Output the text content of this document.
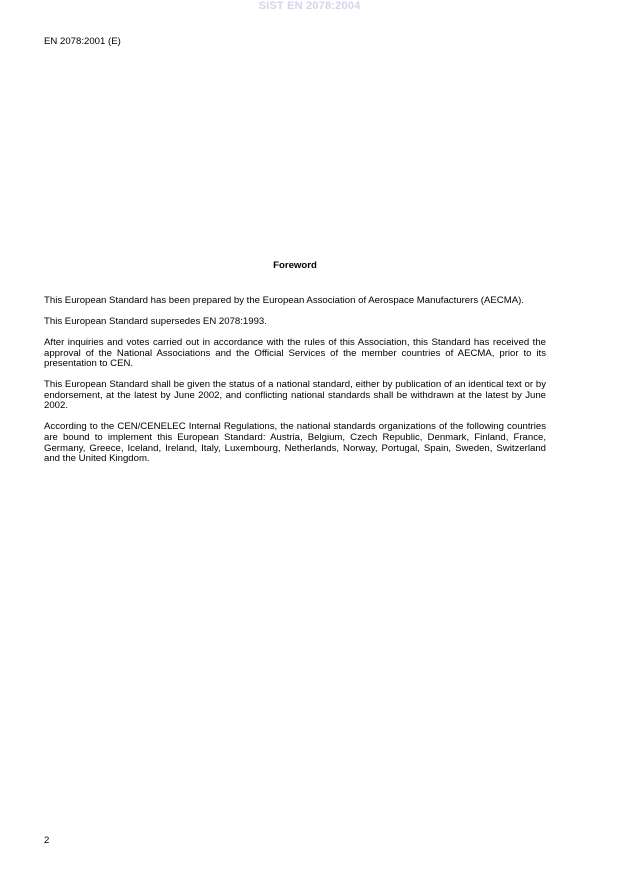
SIST EN 2078:2004
EN 2078:2001 (E)
Foreword

This European Standard has been prepared by the European Association of Aerospace Manufacturers (AECMA).

This European Standard supersedes EN 2078:1993.

After inquiries and votes carried out in accordance with the rules of this Association, this Standard has received the approval of the National Associations and the Official Services of the member countries of AECMA, prior to its presentation to CEN.

This European Standard shall be given the status of a national standard, either by publication of an identical text or by endorsement, at the latest by June 2002, and conflicting national standards shall be withdrawn at the latest by June 2002.

According to the CEN/CENELEC Internal Regulations, the national standards organizations of the following countries are bound to implement this European Standard: Austria, Belgium, Czech Republic, Denmark, Finland, France, Germany, Greece, Iceland, Ireland, Italy, Luxembourg, Netherlands, Norway, Portugal, Spain, Sweden, Switzerland and the United Kingdom.

2
